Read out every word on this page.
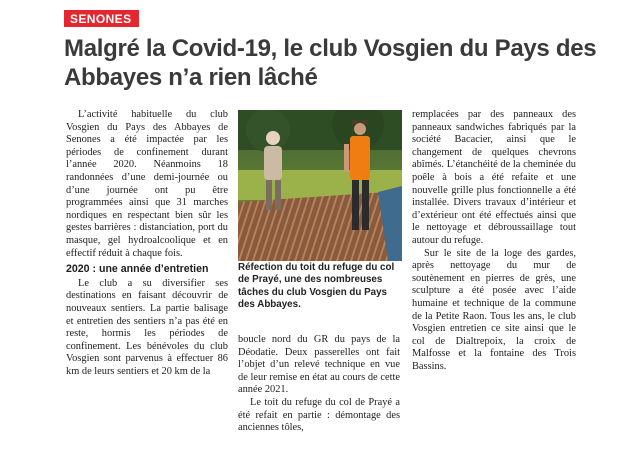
SENONES
Malgré la Covid-19, le club Vosgien du Pays des Abbayes n’a rien lâché

L’activité habituelle du club Vosgien du Pays des Abbayes de Senones a été impactée par les périodes de confinement durant l’année 2020. Néanmoins 18 randonnées d’une demi-journée ou d’une journée ont pu être programmées ainsi que 31 marches nordiques en respectant bien sûr les gestes barrières : distanciation, port du masque, gel hydroalcoolique et en effectif réduit à chaque fois.

2020 : une année d’entretien

Le club a su diversifier ses destinations en faisant découvrir de nouveaux sentiers. La partie balisage et entretien des sentiers n’a pas été en reste, hormis les périodes de confinement. Les bénévoles du club Vosgien sont parvenus à effectuer 86 km de leurs sentiers et 20 km de la

Réfection du toit du refuge du col de Prayé, une des nombreuses tâches du club Vosgien du Pays des Abbayes.

boucle nord du GR du pays de la Déodatie. Deux passerelles ont fait l’objet d’un relevé technique en vue de leur remise en état au cours de cette année 2021.

Le toit du refuge du col de Prayé a été refait en partie : démontage des anciennes tôles,

remplacées par des panneaux des panneaux sandwiches fabriqués par la société Bacacier, ainsi que le changement de quelques chevrons abîmés. L’étanchéité de la cheminée du poêle à bois a été refaite et une nouvelle grille plus fonctionnelle a été installée. Divers travaux d’intérieur et d’extérieur ont été effectués ainsi que le nettoyage et débroussaillage tout autour du refuge.

Sur le site de la loge des gardes, après nettoyage du mur de soutènement en pierres de grès, une sculpture a été posée avec l’aide humaine et technique de la commune de la Petite Raon. Tous les ans, le club Vosgien entretien ce site ainsi que le col de Dialtrepoix, la croix de Malfosse et la fontaine des Trois Bassins.
